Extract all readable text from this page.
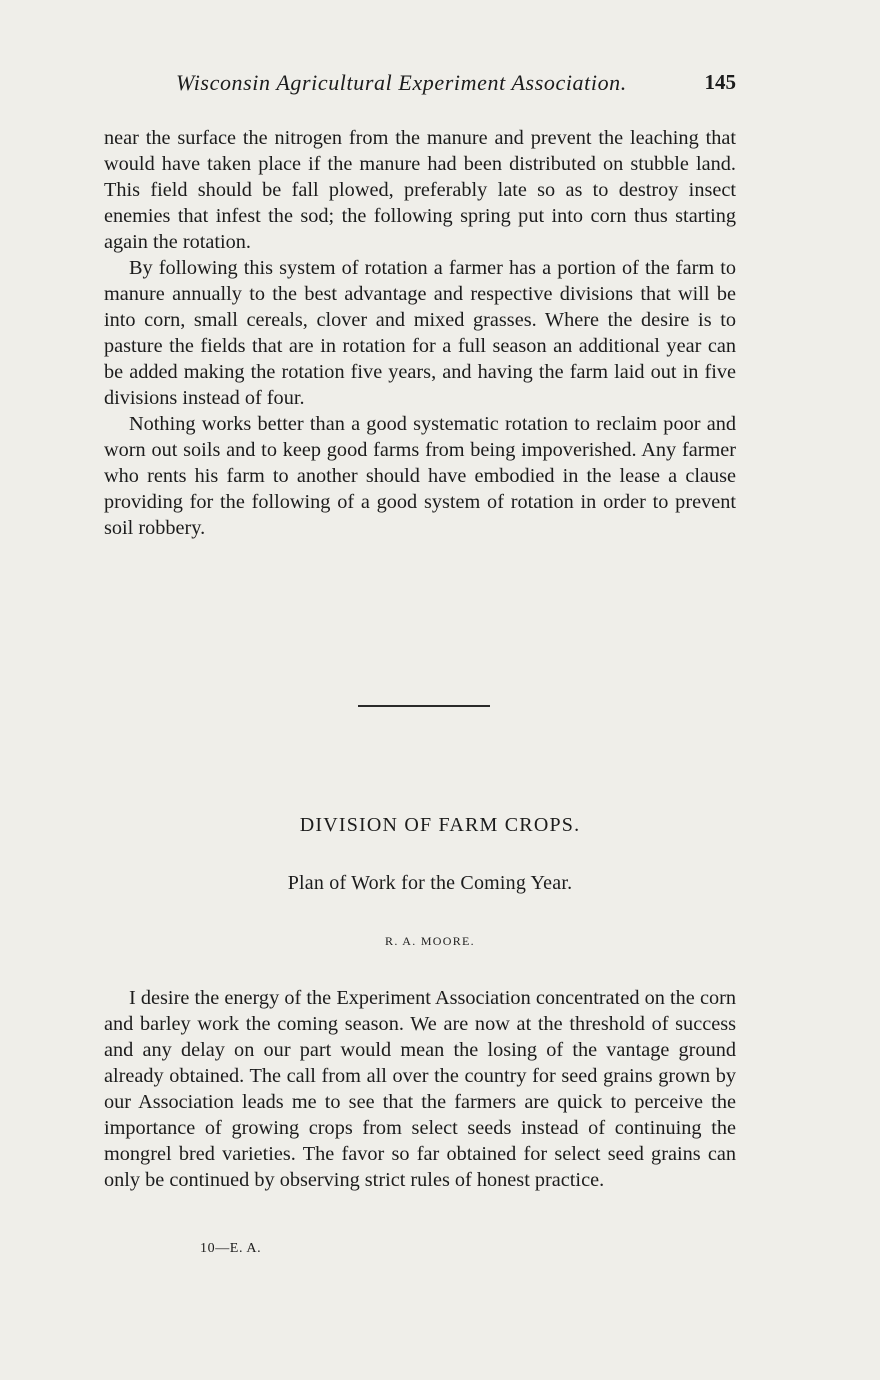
Wisconsin Agricultural Experiment Association.	145

near the surface the nitrogen from the manure and prevent the leaching that would have taken place if the manure had been distributed on stubble land. This field should be fall plowed, preferably late so as to destroy insect enemies that infest the sod; the following spring put into corn thus starting again the rotation.

By following this system of rotation a farmer has a portion of the farm to manure annually to the best advantage and respective divisions that will be into corn, small cereals, clover and mixed grasses. Where the desire is to pasture the fields that are in rotation for a full season an additional year can be added making the rotation five years, and having the farm laid out in five divisions instead of four.

Nothing works better than a good systematic rotation to reclaim poor and worn out soils and to keep good farms from being impoverished. Any farmer who rents his farm to another should have embodied in the lease a clause providing for the following of a good system of rotation in order to prevent soil robbery.

DIVISION OF FARM CROPS.
Plan of Work for the Coming Year.
R. A. MOORE.

I desire the energy of the Experiment Association concentrated on the corn and barley work the coming season. We are now at the threshold of success and any delay on our part would mean the losing of the vantage ground already obtained. The call from all over the country for seed grains grown by our Association leads me to see that the farmers are quick to perceive the importance of growing crops from select seeds instead of continuing the mongrel bred varieties. The favor so far obtained for select seed grains can only be continued by observing strict rules of honest practice.

10—E. A.
